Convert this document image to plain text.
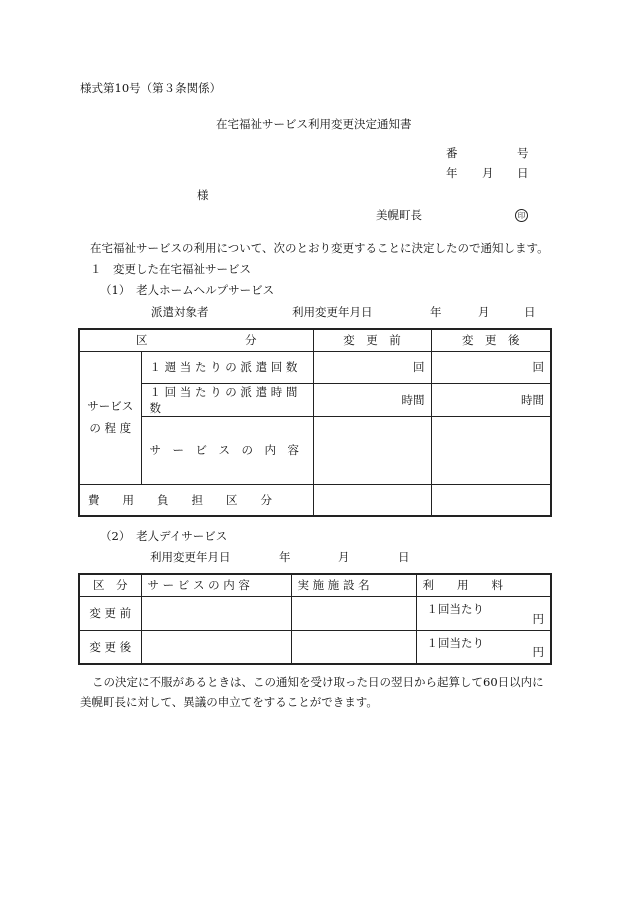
様式第10号（第３条関係）
在宅福祉サービス利用変更決定通知書
番	号
年 月 日
様
美幌町長	印
在宅福祉サービスの利用について、次のとおり変更することに決定したので通知します。
１　変更した在宅福祉サービス
（1）　老人ホームヘルプサービス
派遣対象者	利用変更年月日	年	月	日
区 分		変　更　前	変　更　後

サービス
の 程 度	１ 週 当 た り の 派 遣 回 数	回	回
	１ 回 当 た り の 派 遣 時 間 数	時間	時間
	サ　ー　ビ　ス　の　内　容		
費　　用　　負　　担　　区　　分			
（2）　老人デイサービス
利用変更年月日	年	月	日
区　分	サ ー ビ ス の 内 容	実 施 施 設 名	利　　用　　料
変 更 前			１回当たり
円

変 更 後			１回当たり
円
この決定に不服があるときは、この通知を受け取った日の翌日から起算して60日以内に
美幌町長に対して、異議の申立てをすることができます。
